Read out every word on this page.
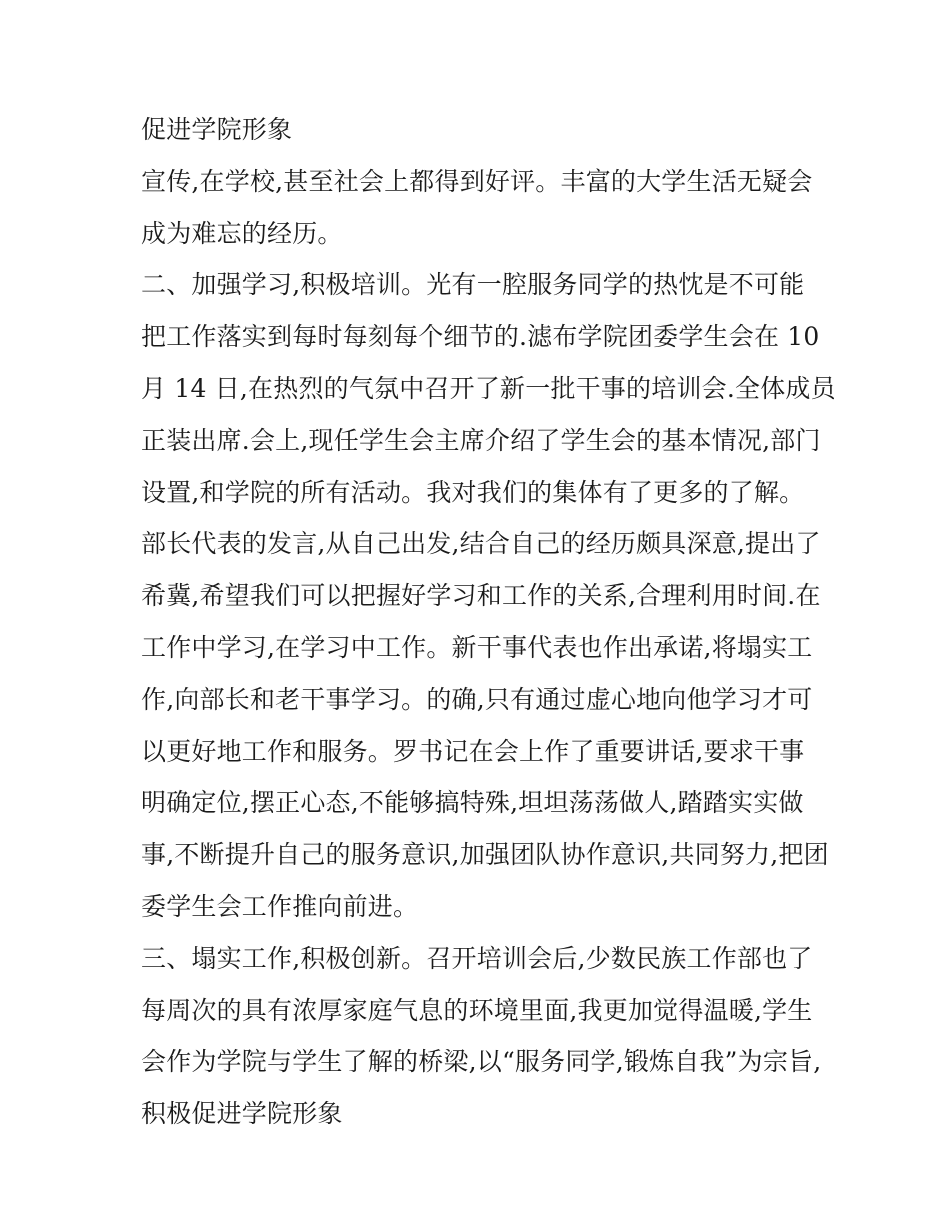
促进学院形象
宣传,在学校,甚至社会上都得到好评。丰富的大学生活无疑会
成为难忘的经历。
二、加强学习,积极培训。光有一腔服务同学的热忱是不可能
把工作落实到每时每刻每个细节的.滤布学院团委学生会在 10
月 14 日,在热烈的气氛中召开了新一批干事的培训会.全体成员
正装出席.会上,现任学生会主席介绍了学生会的基本情况,部门
设置,和学院的所有活动。我对我们的集体有了更多的了解。
部长代表的发言,从自己出发,结合自己的经历颇具深意,提出了
希冀,希望我们可以把握好学习和工作的关系,合理利用时间.在
工作中学习,在学习中工作。新干事代表也作出承诺,将塌实工
作,向部长和老干事学习。的确,只有通过虚心地向他学习才可
以更好地工作和服务。罗书记在会上作了重要讲话,要求干事
明确定位,摆正心态,不能够搞特殊,坦坦荡荡做人,踏踏实实做
事,不断提升自己的服务意识,加强团队协作意识,共同努力,把团
委学生会工作推向前进。
三、塌实工作,积极创新。召开培训会后,少数民族工作部也了
每周次的具有浓厚家庭气息的环境里面,我更加觉得温暖,学生
会作为学院与学生了解的桥梁,以“服务同学,锻炼自我”为宗旨,
积极促进学院形象
